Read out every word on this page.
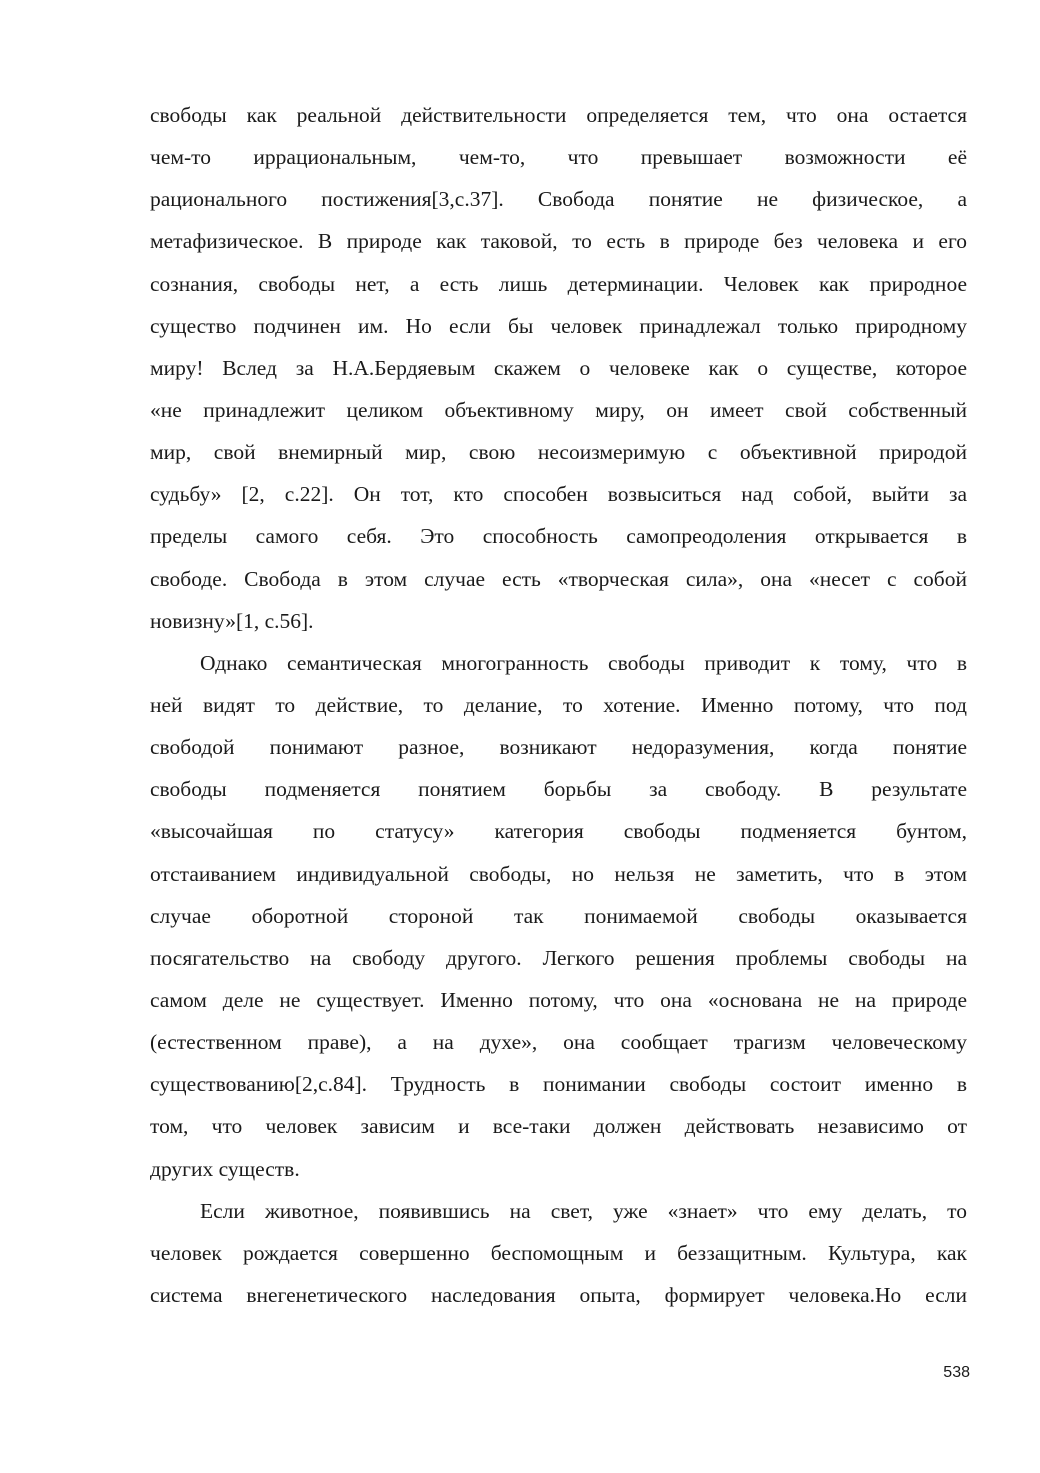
свободы как реальной действительности определяется тем, что она остается
чем-то иррациональным, чем-то, что превышает возможности её
рационального постижения[3,с.37]. Свобода понятие не физическое, а
метафизическое. В природе как таковой, то есть в природе без человека и его
сознания, свободы нет, а есть лишь детерминации. Человек как природное
существо подчинен им. Но если бы человек принадлежал только природному
миру! Вслед за Н.А.Бердяевым скажем о человеке как о существе, которое
«не принадлежит целиком объективному миру, он имеет свой собственный
мир, свой внемирный мир, свою несоизмеримую с объективной природой
судьбу» [2, с.22]. Он тот, кто способен возвыситься над собой, выйти за
пределы самого себя. Это способность самопреодоления открывается в
свободе. Свобода в этом случае есть «творческая сила», она «несет с собой
новизну»[1, с.56].
Однако семантическая многогранность свободы приводит к тому, что в
ней видят то действие, то делание, то хотение. Именно потому, что под
свободой понимают разное, возникают недоразумения, когда понятие
свободы подменяется понятием борьбы за свободу. В результате
«высочайшая по статусу» категория свободы подменяется бунтом,
отстаиванием индивидуальной свободы, но нельзя не заметить, что в этом
случае оборотной стороной так понимаемой свободы оказывается
посягательство на свободу другого. Легкого решения проблемы свободы на
самом деле не существует. Именно потому, что она «основана не на природе
(естественном праве), а на духе», она сообщает трагизм человеческому
существованию[2,с.84]. Трудность в понимании свободы состоит именно в
том, что человек зависим и все-таки должен действовать независимо от
других существ.
Если животное, появившись на свет, уже «знает» что ему делать, то
человек рождается совершенно беспомощным и беззащитным. Культура, как
система внегенетического наследования опыта, формирует человека.Но если
538
